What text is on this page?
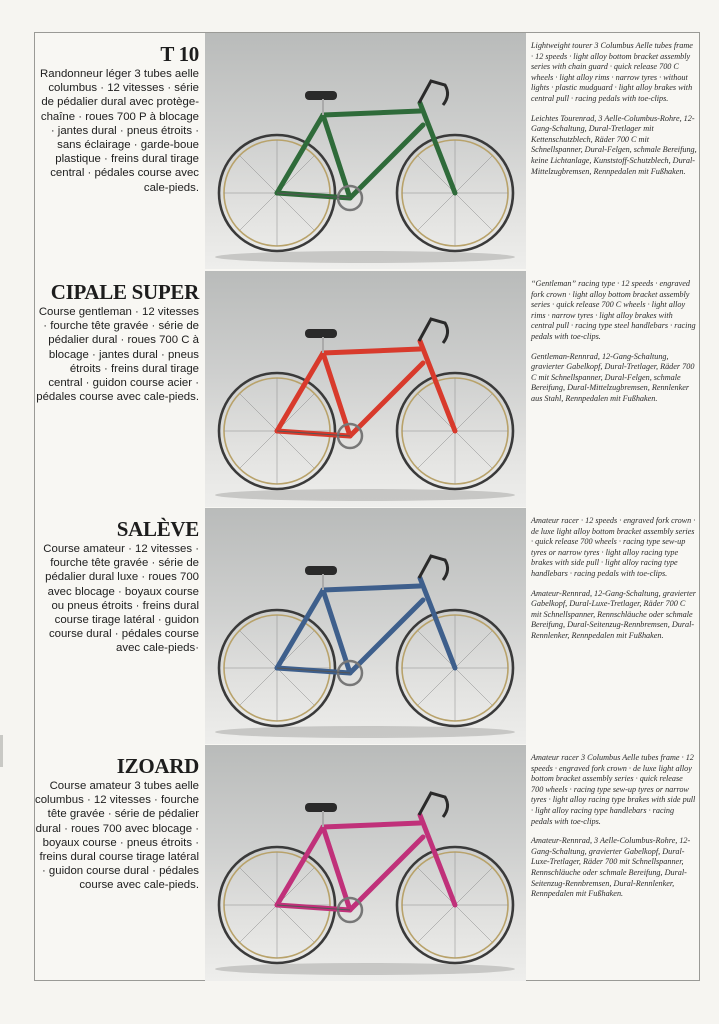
T 10

Randonneur léger 3 tubes aelle columbus · 12 vitesses · série de pédalier dural avec protège-chaîne · roues 700 P à blocage · jantes dural · pneus étroits · sans éclairage · garde-boue plastique · freins dural tirage central · pédales course avec cale-pieds.

Lightweight tourer 3 Columbus Aelle tubes frame · 12 speeds · light alloy bottom bracket assembly series with chain guard · quick release 700 C wheels · light alloy rims · narrow tyres · without lights · plastic mudguard · light alloy brakes with central pull · racing pedals with toe-clips.

Leichtes Tourenrad, 3 Aelle-Columbus-Rohre, 12-Gang-Schaltung, Dural-Tretlager mit Kettenschutzblech, Räder 700 C mit Schnellspanner, Dural-Felgen, schmale Bereifung, keine Lichtanlage, Kunststoff-Schutzblech, Dural-Mittelzugbremsen, Rennpedalen mit Fußhaken.

CIPALE SUPER

Course gentleman · 12 vitesses · fourche tête gravée · série de pédalier dural · roues 700 C à blocage · jantes dural · pneus étroits · freins dural tirage central · guidon course acier · pédales course avec cale-pieds.

“Gentleman” racing type · 12 speeds · engraved fork crown · light alloy bottom bracket assembly series · quick release 700 C wheels · light alloy rims · narrow tyres · light alloy brakes with central pull · racing type steel handlebars · racing pedals with toe-clips.

Gentleman-Rennrad, 12-Gang-Schaltung, gravierter Gabelkopf, Dural-Tretlager, Räder 700 C mit Schnellspanner, Dural-Felgen, schmale Bereifung, Dural-Mittelzugbremsen, Rennlenker aus Stahl, Rennpedalen mit Fußhaken.

SALÈVE

Course amateur · 12 vitesses · fourche tête gravée · série de pédalier dural luxe · roues 700 avec blocage · boyaux course ou pneus étroits · freins dural course tirage latéral · guidon course dural · pédales course avec cale-pieds·

Amateur racer · 12 speeds · engraved fork crown · de luxe light alloy bottom bracket assembly series · quick release 700 wheels · racing type sew-up tyres or narrow tyres · light alloy racing type brakes with side pull · light alloy racing type handlebars · racing pedals with toe-clips.

Amateur-Rennrad, 12-Gang-Schaltung, gravierter Gabelkopf, Dural-Luxe-Tretlager, Räder 700 C mit Schnellspanner, Rennschläuche oder schmale Bereifung, Dural-Seitenzug-Rennbremsen, Dural-Rennlenker, Rennpedalen mit Fußhaken.

IZOARD

Course amateur 3 tubes aelle columbus · 12 vitesses · fourche tête gravée · série de pédalier dural · roues 700 avec blocage · boyaux course · pneus étroits · freins dural course tirage latéral · guidon course dural · pédales course avec cale-pieds.

Amateur racer 3 Columbus Aelle tubes frame · 12 speeds · engraved fork crown · de luxe light alloy bottom bracket assembly series · quick release 700 wheels · racing type sew-up tyres or narrow tyres · light alloy racing type brakes with side pull · light alloy racing type handlebars · racing pedals with toe-clips.

Amateur-Rennrad, 3 Aelle-Columbus-Rohre, 12-Gang-Schaltung, gravierter Gabelkopf, Dural-Luxe-Tretlager, Räder 700 mit Schnellspanner, Rennschläuche oder schmale Bereifung, Dural-Seitenzug-Rennbremsen, Dural-Rennlenker, Rennpedalen mit Fußhaken.
